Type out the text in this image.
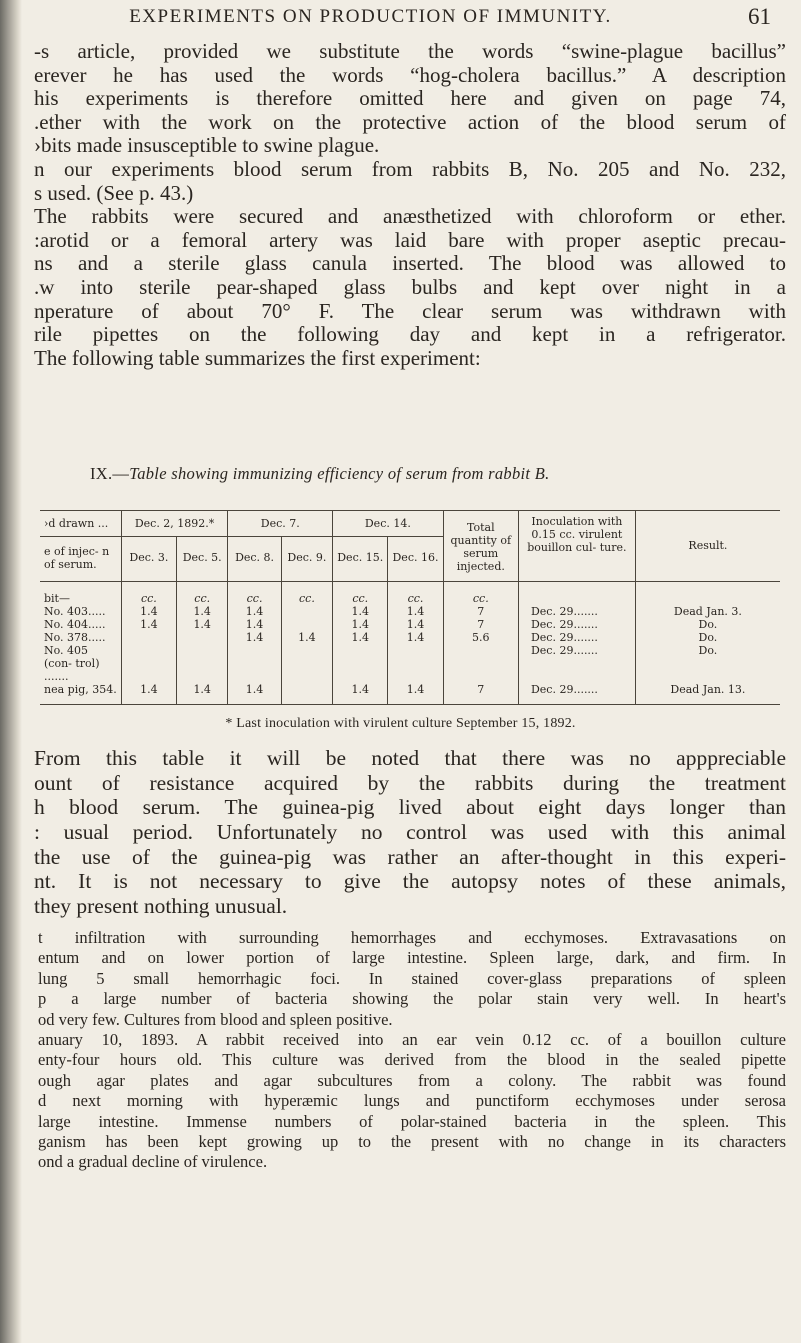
EXPERIMENTS ON PRODUCTION OF IMMUNITY.	61
-s article, provided we substitute the words “swine-plague bacillus”
erever he has used the words “hog-cholera bacillus.” A description
his experiments is therefore omitted here and given on page 74,
.ether with the work on the protective action of the blood serum of
›bits made insusceptible to swine plague.
n our experiments blood serum from rabbits B, No. 205 and No. 232,
s used. (See p. 43.)
The rabbits were secured and anæsthetized with chloroform or ether.
:arotid or a femoral artery was laid bare with proper aseptic precau-
ns and a sterile glass canula inserted. The blood was allowed to
.w into sterile pear-shaped glass bulbs and kept over night in a
nperature of about 70° F. The clear serum was withdrawn with
rile pipettes on the following day and kept in a refrigerator.
The following table summarizes the first experiment:
IX.—Table showing immunizing efficiency of serum from rabbit B.
›d drawn ...	Dec. 2, 1892.*		Dec. 7.		Dec. 14.		Total quantity of serum injected.	Inoculation with 0.15 cc. virulent bouillon cul- ture.	Result.
e of injec- n of serum.	Dec. 3.	Dec. 5.	Dec. 8.	Dec. 9.	Dec. 15.	Dec. 16.			
bit—	cc.	cc.	cc.	cc.	cc.	cc.	cc.		
No. 403.....	1.4	1.4	1.4		1.4	1.4	7	Dec. 29.......	Dead Jan. 3.
No. 404.....	1.4	1.4	1.4		1.4	1.4	7	Dec. 29.......	Do.
No. 378.....			1.4	1.4	1.4	1.4	5.6	Dec. 29.......	Do.
No. 405 (con- trol) .......								Dec. 29.......	Do.
nea pig, 354.	1.4	1.4	1.4		1.4	1.4	7	Dec. 29.......	Dead Jan. 13.
* Last inoculation with virulent culture September 15, 1892.
From this table it will be noted that there was no apppreciable
ount of resistance acquired by the rabbits during the treatment
h blood serum. The guinea-pig lived about eight days longer than
: usual period. Unfortunately no control was used with this animal
the use of the guinea-pig was rather an after-thought in this experi-
nt. It is not necessary to give the autopsy notes of these animals,
they present nothing unusual.
t infiltration with surrounding hemorrhages and ecchymoses. Extravasations on
entum and on lower portion of large intestine. Spleen large, dark, and firm. In
lung 5 small hemorrhagic foci. In stained cover-glass preparations of spleen
p a large number of bacteria showing the polar stain very well. In heart's
od very few. Cultures from blood and spleen positive.
anuary 10, 1893. A rabbit received into an ear vein 0.12 cc. of a bouillon culture
enty-four hours old. This culture was derived from the blood in the sealed pipette
ough agar plates and agar subcultures from a colony. The rabbit was found
d next morning with hyperæmic lungs and punctiform ecchymoses under serosa
large intestine. Immense numbers of polar-stained bacteria in the spleen. This
ganism has been kept growing up to the present with no change in its characters
ond a gradual decline of virulence.
